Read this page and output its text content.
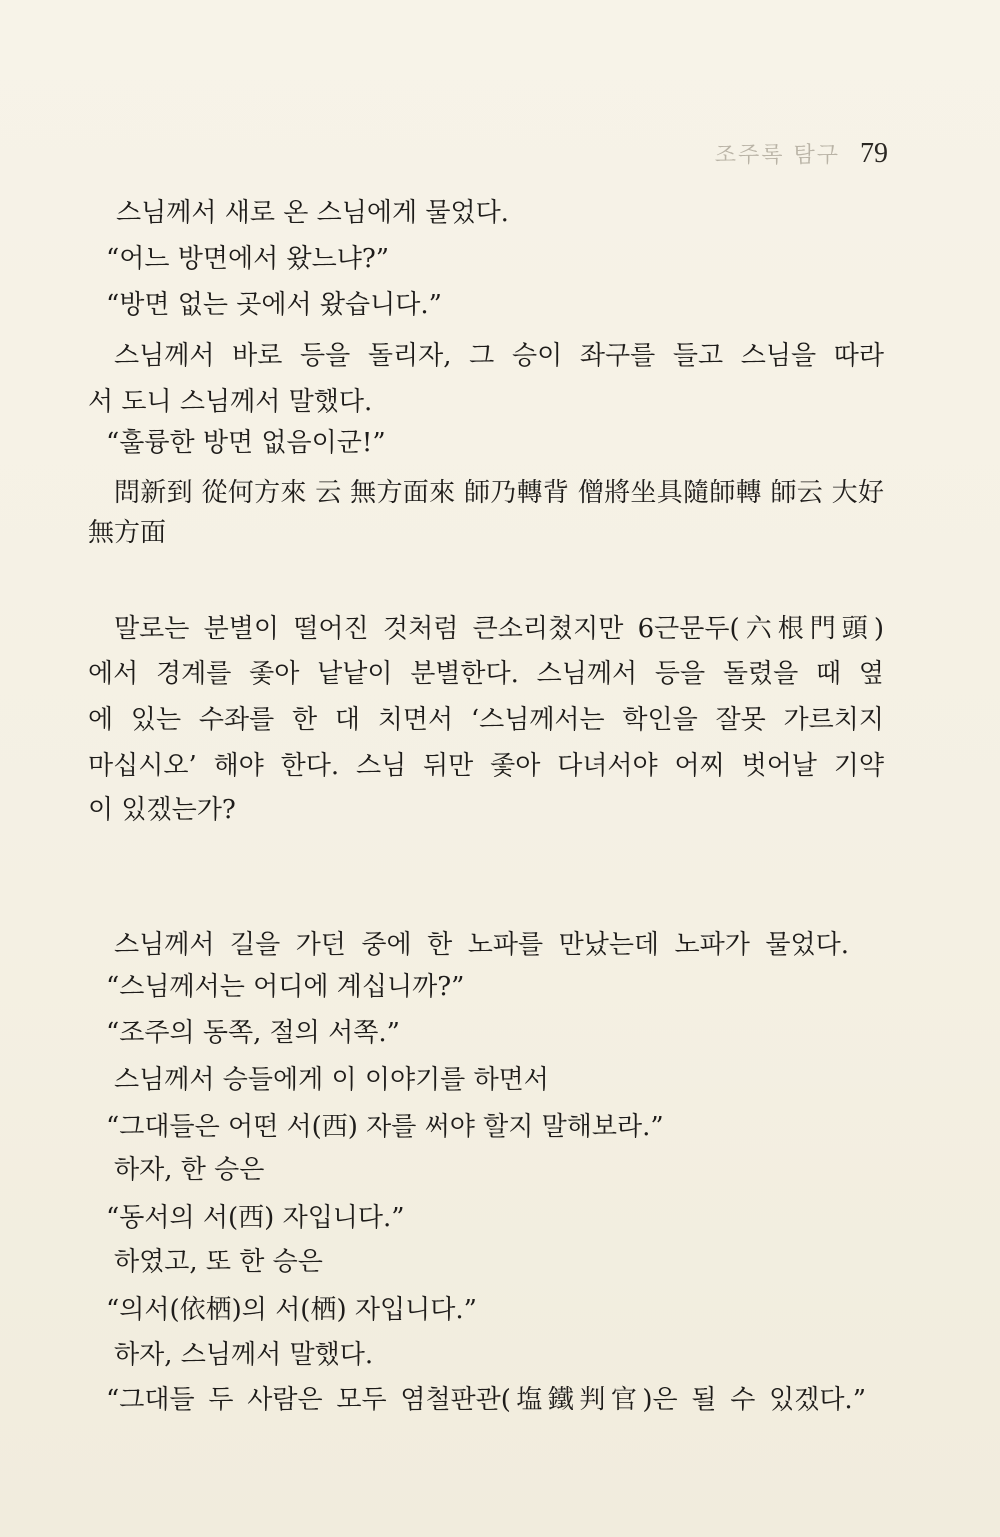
조주록 탐구 79
스님께서 새로 온 스님에게 물었다.
“어느 방면에서 왔느냐?”
“방면 없는 곳에서 왔습니다.”
스님께서 바로 등을 돌리자, 그 승이 좌구를 들고 스님을 따라
서 도니 스님께서 말했다.
“훌륭한 방면 없음이군!”
問新到 從何方來 云 無方面來 師乃轉背 僧將坐具隨師轉 師云 大好
無方面
말로는 분별이 떨어진 것처럼 큰소리쳤지만 6근문두(六根門頭)
에서 경계를 좇아 낱낱이 분별한다. 스님께서 등을 돌렸을 때 옆
에 있는 수좌를 한 대 치면서 ‘스님께서는 학인을 잘못 가르치지
마십시오’ 해야 한다. 스님 뒤만 좇아 다녀서야 어찌 벗어날 기약
이 있겠는가?
스님께서 길을 가던 중에 한 노파를 만났는데 노파가 물었다.
“스님께서는 어디에 계십니까?”
“조주의 동쪽, 절의 서쪽.”
스님께서 승들에게 이 이야기를 하면서
“그대들은 어떤 서(西) 자를 써야 할지 말해보라.”
하자, 한 승은
“동서의 서(西) 자입니다.”
하였고, 또 한 승은
“의서(依栖)의 서(栖) 자입니다.”
하자, 스님께서 말했다.
“그대들 두 사람은 모두 염철판관(塩鐵判官)은 될 수 있겠다.”
